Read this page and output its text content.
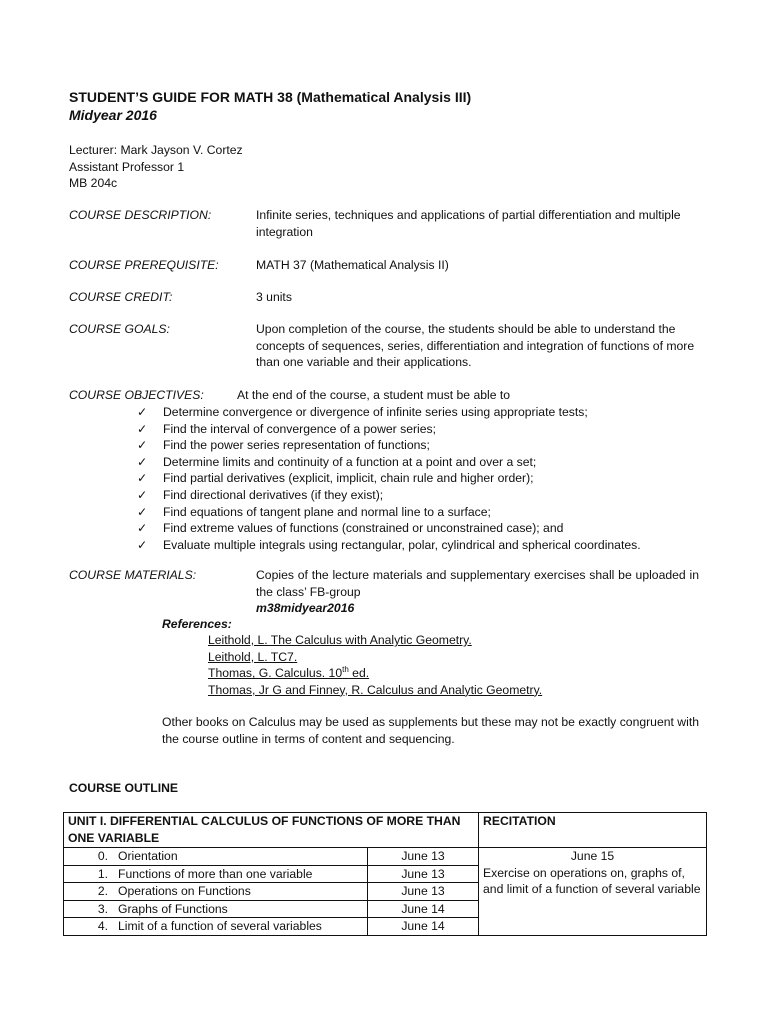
STUDENT’S GUIDE FOR MATH 38 (Mathematical Analysis III)
Midyear 2016
Lecturer: Mark Jayson V. Cortez
Assistant Professor 1
MB 204c
COURSE DESCRIPTION:	Infinite series, techniques and applications of partial differentiation and multiple integration
COURSE PREREQUISITE:	MATH 37 (Mathematical Analysis II)
COURSE CREDIT:	3 units
COURSE GOALS:	Upon completion of the course, the students should be able to understand the concepts of sequences, series, differentiation and integration of functions of more than one variable and their applications.
COURSE OBJECTIVES:	At the end of the course, a student must be able to
✓ Determine convergence or divergence of infinite series using appropriate tests;
✓ Find the interval of convergence of a power series;
✓ Find the power series representation of functions;
✓ Determine limits and continuity of a function at a point and over a set;
✓ Find partial derivatives (explicit, implicit, chain rule and higher order);
✓ Find directional derivatives (if they exist);
✓ Find equations of tangent plane and normal line to a surface;
✓ Find extreme values of functions (constrained or unconstrained case); and
✓ Evaluate multiple integrals using rectangular, polar, cylindrical and spherical coordinates.
COURSE MATERIALS:	Copies of the lecture materials and supplementary exercises shall be uploaded in the class’ FB-group
m38midyear2016
References:
Leithold, L. The Calculus with Analytic Geometry.
Leithold, L. TC7.
Thomas, G. Calculus. 10th ed.
Thomas, Jr G and Finney, R. Calculus and Analytic Geometry.
Other books on Calculus may be used as supplements but these may not be exactly congruent with the course outline in terms of content and sequencing.
COURSE OUTLINE
UNIT I. DIFFERENTIAL CALCULUS OF FUNCTIONS OF MORE THAN ONE VARIABLE		RECITATION
0. Orientation	June 13	June 15
Exercise on operations on, graphs of, and limit of a function of several variable

1. Functions of more than one variable	June 13	
2. Operations on Functions	June 13	
3. Graphs of Functions	June 14	
4. Limit of a function of several variables	June 14	
